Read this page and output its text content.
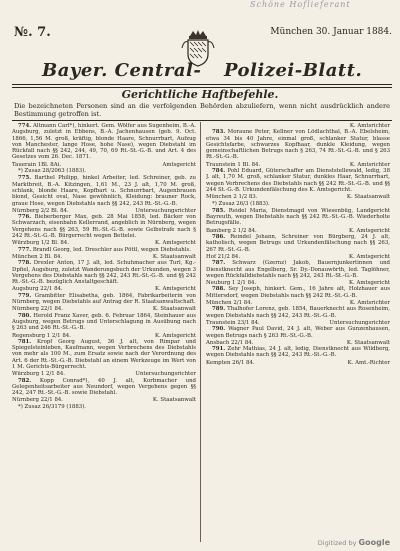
Schöne Hoflieferant
№. 7.	München 30. Januar 1884.
Bayer. Central- Polizei-Blatt.
Gerichtliche Haftbefehle.
Die bezeichneten Personen sind an die verfolgenden Behörden abzuliefern, wenn nicht ausdrücklich andere Bestimmung getroffen ist.
774. Altmann Carl*), hinkert. Gem. Wölfer aus Sugenheim, B.-A. Augsburg, zuletzt in Ebbens, B.-A. Jachenhausen (geb. 9. Oct. 1866, 1,56 M. groß, kräftig, blonde Haare, Schnurrbart, Aufzug von Manchester, lange Hose, hohe Nase), wegen Diebstahl im Rückfall nach §§ 242, 244, 49, 70, 69 Rt.-St.-G.-B. und Art. 4 des Gesetzes vom 26. Dec. 1871.
Tauerain 1Bl. 8Ai.	Amtsgericht
*) Zusaz 28/2063 (1883).
775. Barthel Philipp, hinkel Arbeiter, led. Schreiner, geb. zu Marktbreit, B.-A. Kitzingen, 1,61 M., 23 J. alt, 1,70 M. groß, schlank, blonde Haare, Kopfbart u. Schnurrbart, Augenbrauen blond, Gesicht oval, Nase gewöhnlich, Kleidung: brauner Rock, graue Hose, wegen Diebstahls nach §§ 242, 243 Rt.-St.-G.-B.
Nürnberg 2/2 Bl. 84.	Untersuchungsrichter
776. Bieberberger Max, geb. 28 Mai 1858, led. Bäcker von Schwarzach, eisenbahn Kellerrand, angeblich in Nürnberg, wegen Vergehens nach §§ 263, 59 Rt.-St.-G.-B. sowie Gelbstrafe nach § 242 Rt.-St.-G.-B. Bürgerrecht wegen Bettelei.
Würzburg 1/2 Bl. 84.	K. Amtsgericht
777. Brandl Georg, led. Dreschler aus Pöttl, wegen Diebstahls.
München 2 Bl. 84.	K. Staatsanwalt
778. Drexler Anton, 17 J. alt, led. Schuhmacher aus Turl, Kg.-Dpfiel, Augsburg, zuletzt Wanderungsbuch der Urkunden, wegen 3 Vergehens des Diebstahls nach §§ 242, 243 Rt.-St.-G.-B. und §§ 242 Rt.-St.-G.-B. bezüglich Anstaltgeschäft.
Augsburg 22/1 84.	K. Amtsgericht
779. Grambitter Elisabetha, geb. 1864, Fabrikarbeiterin von Nürnberg, wegen Diebstahls auf Antrag der R. Staatsanwaltschaft.
Nürnberg 22/1 84.	K. Staatsanwalt
780. Herold Franz Xaver, geb. 6. Februar 1864, Steinhauer aus Augsburg, wegen Betrugs und Unterschlagung in Ausübung nach § 263 und 246 Rt.-St.-G.-B.
Regensburg 1 2/1 84.	K. Amtsgericht
781. Kropf Georg August, 36 J. alt, von Rimpar und Spiegelsteinleben, Kaufmann, wegen Verbrechens des Diebstahls von mehr als 100 M., zum Ersatz sowie nach der Verordnung des Art. 6 der Rt.-St.-G.-B. Diebstahl an einem Werkzeuge im Wert von 1 M. Gerichts-Bürgerrecht.
Würzburg 1 2/1 84.	Untersuchungsrichter
782. Kopp Conrad*), 40 J. alt, Korbmacher und Gelegenheitsarbeiter aus Neundorf, wegen Vergehens gegen §§ 242, 247 Rt.-St.-G.-B. sowie Diebstahl.
Nürnberg 22/1 84.	K. Staatsanwalt
*) Zusaz 26/3179 (1883).
K. Amtsrichter
783. Moraune Peter, Kellner von Lödlachthal, B.-A. Ebelsheim, etwa 34 bis 40 Jahre, einmal groß, schlanker Statur, blasse Gesichtsfarbe, schwarzes Kopfhaar, dunkle Kleidung, wegen gemeinschaftlichen Betrugs nach § 263, 74 Rt.-St.-G.-B. und § 263 Rt.-St.-G.-B.
Traunstein 1 Bl. 84.	K. Amtsrichter
784. Pohl Eduard, Güterschaffer am Dienststellewald, ledig, 38 J. alt, 1,70 M. groß, schlanker Statur, dunkles Haar, Schnurrbart, wegen Verbrechens des Diebstahls nach §§ 242 Rt.-St.-G.-B. und §§ 244 St.-G.-B. Urkundenfälschung des K. Amtsgericht.
München 2 1/2 83.	K. Staatsanwalt
*) Zusaz 26/3 (1883).
785. Reidel Maria, Dienstmagd von Wiesenbüg, Landgericht Bayreuth, wegen Diebstahls nach §§ 242 Rt.-St.-G.-B. Wiederholte Betrugsfälle.
Bamberg 2 1/2 84.	K. Amtsgericht
786. Reindel Johann, Schreiner von Bürgberg, 24 J. alt, katholisch, wegen Betrugs und Urkundenfälschung nach §§ 263, 267 Rt.-St.-G.-B.
Hof 21/2 84.	K. Amtsgericht
787. Schwarz (Gzernz) Jakob, Bauernjunkertinnen und Dienstknecht aus Engelberg, Sr. Dy.-Donauwörth, led. Taglöhner, wegen Rückfalldiebstahls nach §§ 242, 243 Rt.-St.-G.-B.
Neuburg 1 2/1 84.	K. Amtsgericht
788. Sey Joseph, hinkert. Gem., 16 Jahre alt, Holzhauer aus Mittersdorf, wegen Diebstahls nach §§ 242 Rt.-St.-G.-B.
München 2/1 84.	K. Amtsrichter
789. Thalhofer Lorenz, geb. 1854, Bauerknecht aus Rosenheim, wegen Diebstahls nach §§ 242, 243 Rt.-St.-G.-B.
Traunstein 23/1 84.	Untersuchungsrichter
790. Wagner Paul David, 24 J. alt, Weber aus Gunzenhausen, wegen Betrugs nach § 263 Rt.-St.-G.-B.
Ansbach 22/1 84.	K. Staatsanwalt
791. Zehr Mathias, 24 J. alt, ledig, Dienstknecht aus Wildberg, wegen Diebstahls nach §§ 242, 243 Rt.-St.-G.-B.
Kempten 26/1 84.	K. Amt.-Richter
Digitized by Google
